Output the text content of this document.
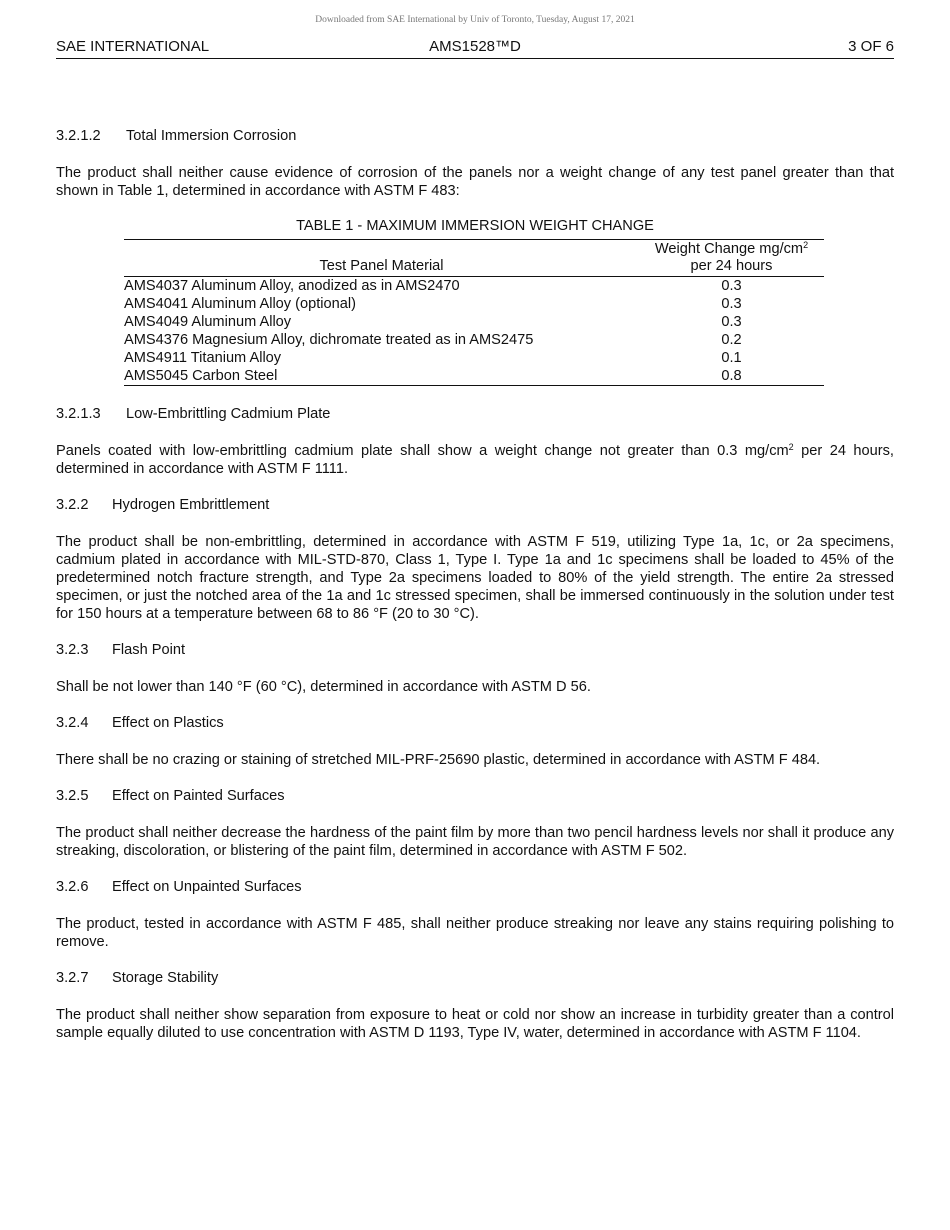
Downloaded from SAE International by Univ of Toronto, Tuesday, August 17, 2021
SAE INTERNATIONAL	AMS1528™D	3 OF 6

3.2.1.2 Total Immersion Corrosion

The product shall neither cause evidence of corrosion of the panels nor a weight change of any test panel greater than that shown in Table 1, determined in accordance with ASTM F 483:

TABLE 1 - MAXIMUM IMMERSION WEIGHT CHANGE

Test Panel Material	Weight Change $mg/cm^2$
per 24 hours
AMS4037 Aluminum Alloy, anodized as in AMS2470	0.3
AMS4041 Aluminum Alloy (optional)	0.3
AMS4049 Aluminum Alloy	0.3
AMS4376 Magnesium Alloy, dichromate treated as in AMS2475	0.2
AMS4911 Titanium Alloy	0.1
AMS5045 Carbon Steel	0.8

3.2.1.3 Low-Embrittling Cadmium Plate

Panels coated with low-embrittling cadmium plate shall show a weight change not greater than 0.3 $mg/cm^2$ per 24 hours, determined in accordance with ASTM F 1111.

3.2.2 Hydrogen Embrittlement

The product shall be non-embrittling, determined in accordance with ASTM F 519, utilizing Type 1a, 1c, or 2a specimens, cadmium plated in accordance with MIL-STD-870, Class 1, Type I. Type 1a and 1c specimens shall be loaded to 45% of the predetermined notch fracture strength, and Type 2a specimens loaded to 80% of the yield strength. The entire 2a stressed specimen, or just the notched area of the 1a and 1c stressed specimen, shall be immersed continuously in the solution under test for 150 hours at a temperature between 68 to 86 °F (20 to 30 °C).

3.2.3 Flash Point

Shall be not lower than 140 °F (60 °C), determined in accordance with ASTM D 56.

3.2.4 Effect on Plastics

There shall be no crazing or staining of stretched MIL-PRF-25690 plastic, determined in accordance with ASTM F 484.

3.2.5 Effect on Painted Surfaces

The product shall neither decrease the hardness of the paint film by more than two pencil hardness levels nor shall it produce any streaking, discoloration, or blistering of the paint film, determined in accordance with ASTM F 502.

3.2.6 Effect on Unpainted Surfaces

The product, tested in accordance with ASTM F 485, shall neither produce streaking nor leave any stains requiring polishing to remove.

3.2.7 Storage Stability

The product shall neither show separation from exposure to heat or cold nor show an increase in turbidity greater than a control sample equally diluted to use concentration with ASTM D 1193, Type IV, water, determined in accordance with ASTM F 1104.
